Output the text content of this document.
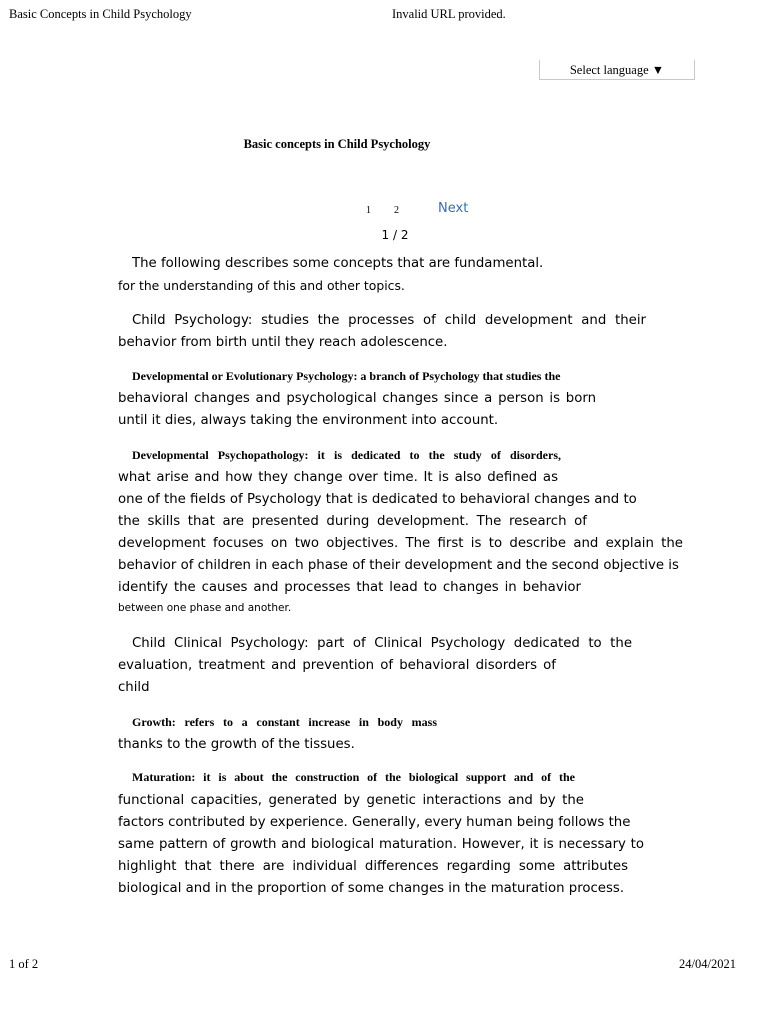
Basic Concepts in Child Psychology	Invalid URL provided.
Select language ▼
Basic concepts in Child Psychology
1 2	Next
1 / 2
The following describes some concepts that are fundamental.
for the understanding of this and other topics.
Child Psychology: studies the processes of child development and their
behavior from birth until they reach adolescence.
Developmental or Evolutionary Psychology: a branch of Psychology that studies the
behavioral changes and psychological changes since a person is born
until it dies, always taking the environment into account.
Developmental Psychopathology: it is dedicated to the study of disorders,
what arise and how they change over time. It is also defined as
one of the fields of Psychology that is dedicated to behavioral changes and to
the skills that are presented during development. The research of
development focuses on two objectives. The first is to describe and explain the
behavior of children in each phase of their development and the second objective is
identify the causes and processes that lead to changes in behavior
between one phase and another.
Child Clinical Psychology: part of Clinical Psychology dedicated to the
evaluation, treatment and prevention of behavioral disorders of
child
Growth: refers to a constant increase in body mass
thanks to the growth of the tissues.
Maturation: it is about the construction of the biological support and of the
functional capacities, generated by genetic interactions and by the
factors contributed by experience. Generally, every human being follows the
same pattern of growth and biological maturation. However, it is necessary to
highlight that there are individual differences regarding some attributes
biological and in the proportion of some changes in the maturation process.
1 of 2	24/04/2021
